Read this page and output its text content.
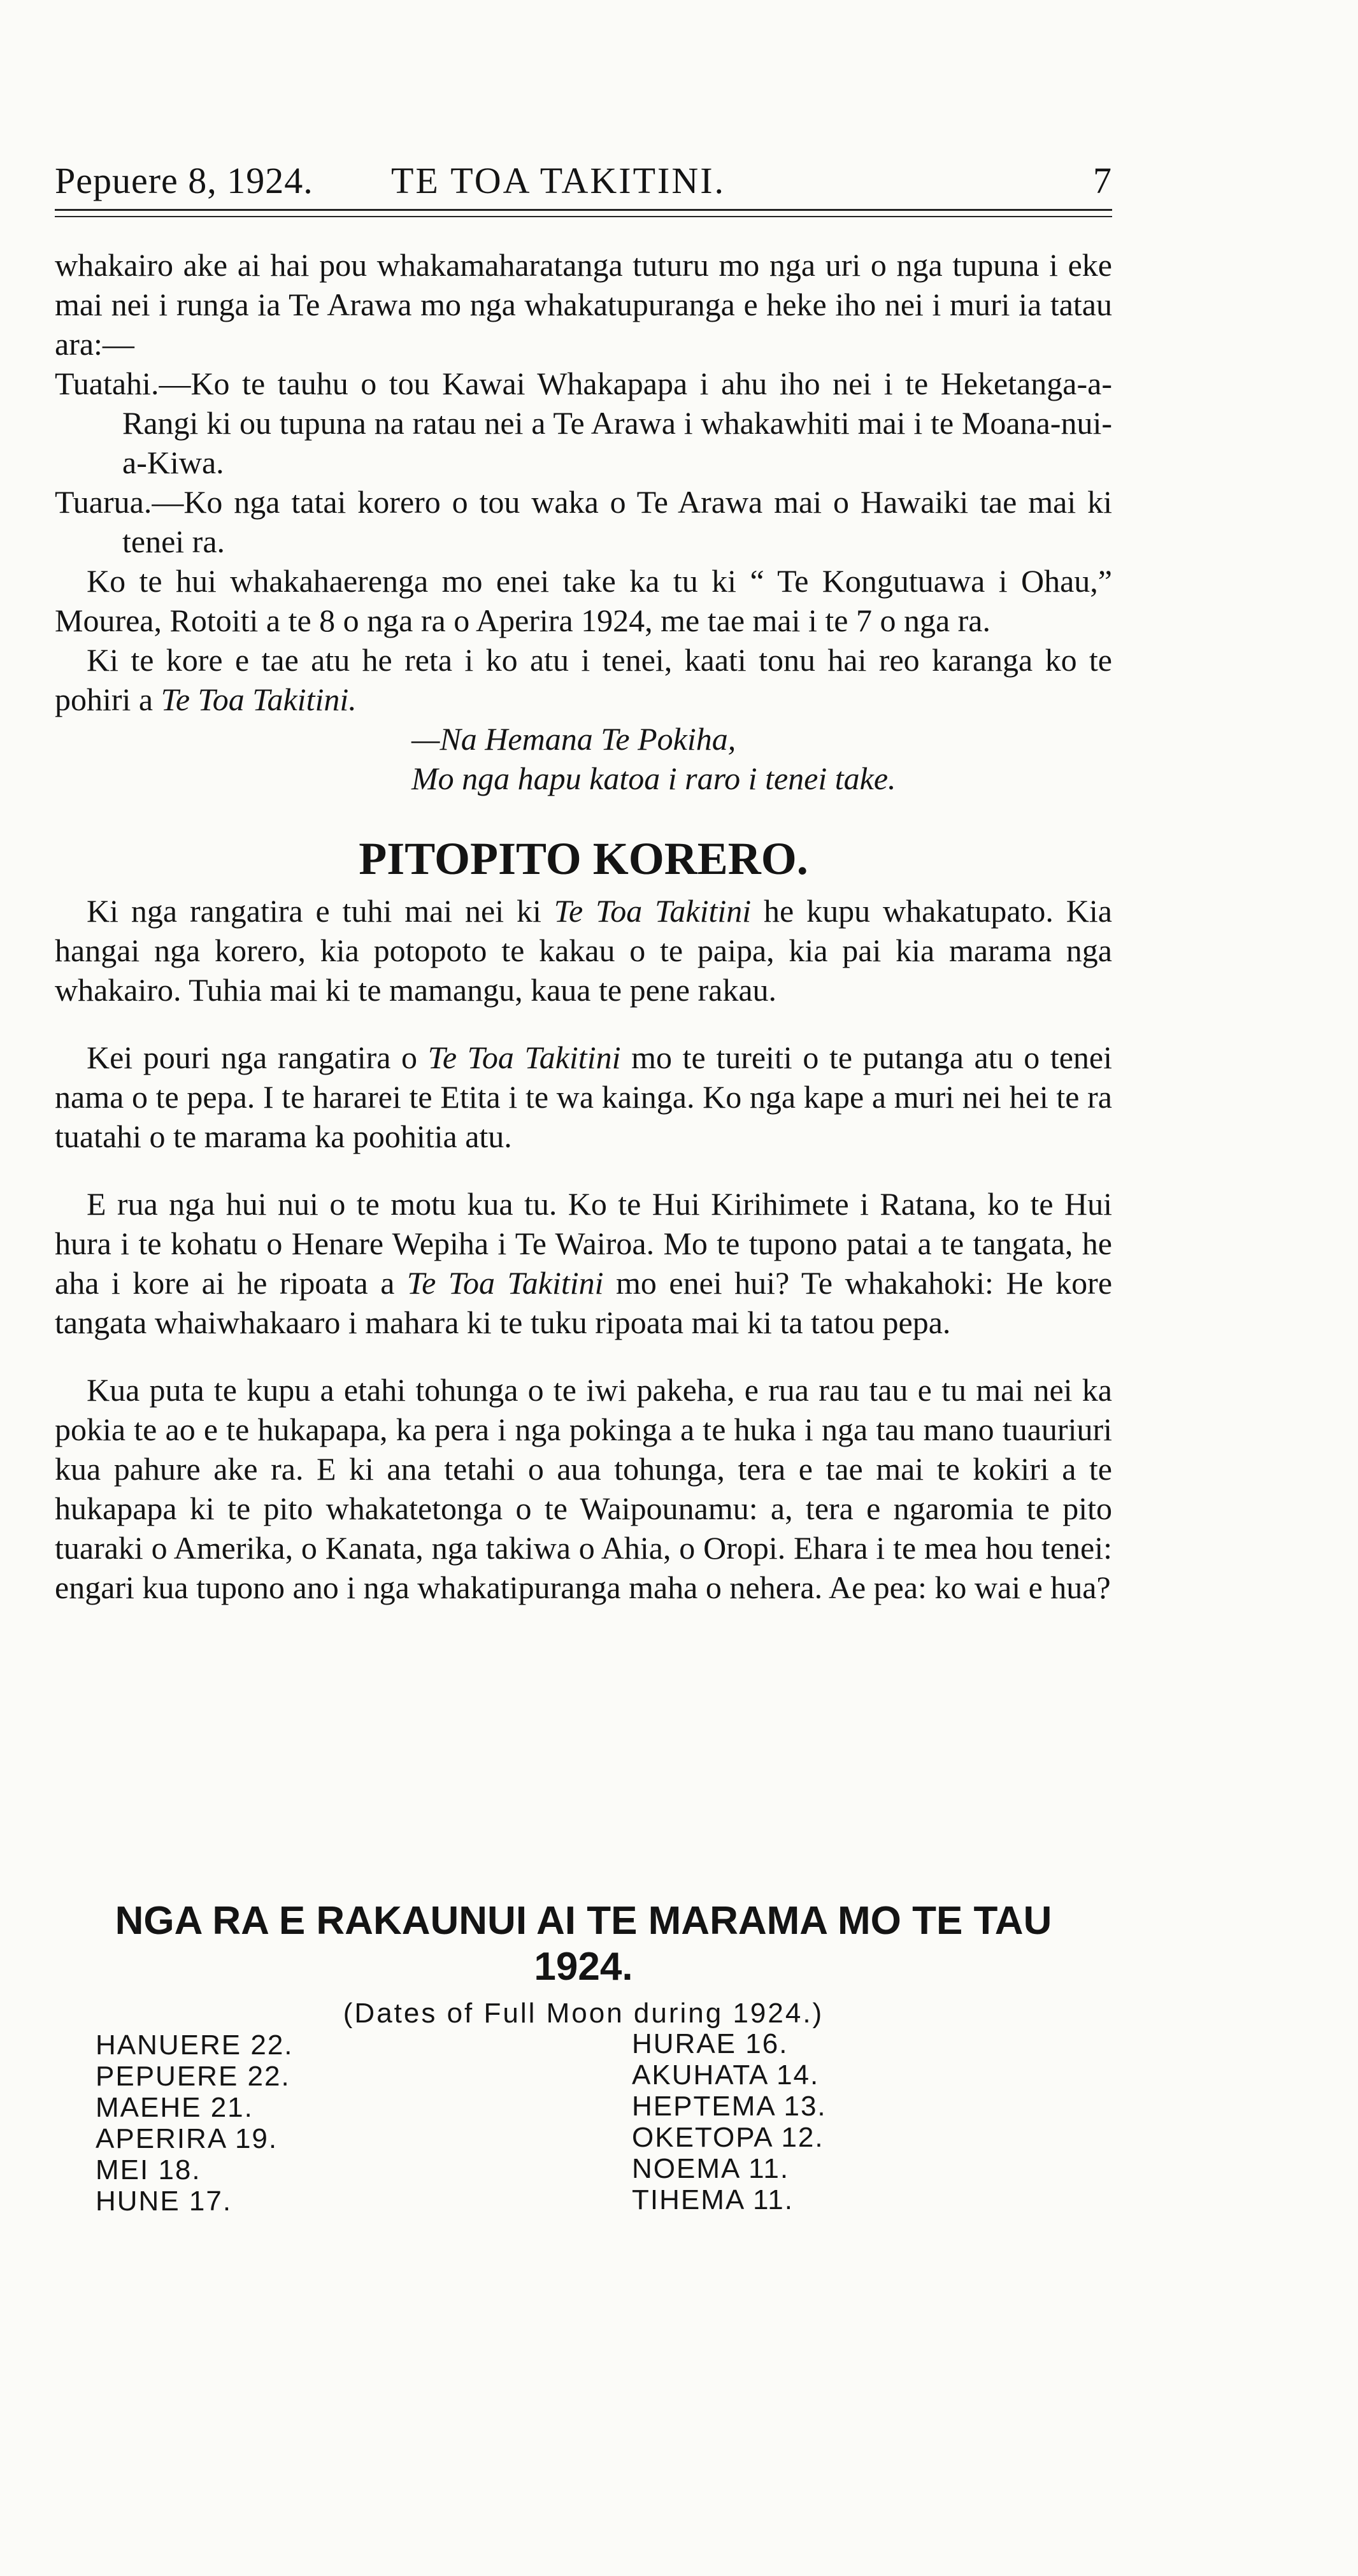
Pepuere 8, 1924. TE TOA TAKITINI.	7

whakairo ake ai hai pou whakamaharatanga tuturu mo nga uri o nga tupuna i eke mai nei i runga ia Te Arawa mo nga whakatupuranga e heke iho nei i muri ia tatau ara:—

Tuatahi.—Ko te tauhu o tou Kawai Whakapapa i ahu iho nei i te Heketanga-a-Rangi ki ou tupuna na ratau nei a Te Arawa i whakawhiti mai i te Moana-nui-a-Kiwa.

Tuarua.—Ko nga tatai korero o tou waka o Te Arawa mai o Hawaiki tae mai ki tenei ra.

Ko te hui whakahaerenga mo enei take ka tu ki “ Te Kongutuawa i Ohau,” Mourea, Rotoiti a te 8 o nga ra o Aperira 1924, me tae mai i te 7 o nga ra.

Ki te kore e tae atu he reta i ko atu i tenei, kaati tonu hai reo karanga ko te pohiri a Te Toa Takitini.

—Na Hemana Te Pokiha,

Mo nga hapu katoa i raro i tenei take.

PITOPITO KORERO.

Ki nga rangatira e tuhi mai nei ki Te Toa Takitini he kupu whakatupato. Kia hangai nga korero, kia potopoto te kakau o te paipa, kia pai kia marama nga whakairo. Tuhia mai ki te mamangu, kaua te pene rakau.

Kei pouri nga rangatira o Te Toa Takitini mo te tureiti o te putanga atu o tenei nama o te pepa. I te hararei te Etita i te wa kainga. Ko nga kape a muri nei hei te ra tuatahi o te marama ka poohitia atu.

E rua nga hui nui o te motu kua tu. Ko te Hui Kirihimete i Ratana, ko te Hui hura i te kohatu o Henare Wepiha i Te Wairoa. Mo te tupono patai a te tangata, he aha i kore ai he ripoata a Te Toa Takitini mo enei hui? Te whakahoki: He kore tangata whaiwhakaaro i mahara ki te tuku ripoata mai ki ta tatou pepa.

Kua puta te kupu a etahi tohunga o te iwi pakeha, e rua rau tau e tu mai nei ka pokia te ao e te hukapapa, ka pera i nga pokinga a te huka i nga tau mano tuauriuri kua pahure ake ra. E ki ana tetahi o aua tohunga, tera e tae mai te kokiri a te hukapapa ki te pito whakatetonga o te Waipounamu: a, tera e ngaromia te pito tuaraki o Amerika, o Kanata, nga takiwa o Ahia, o Oropi. Ehara i te mea hou tenei: engari kua tupono ano i nga whakatipuranga maha o nehera. Ae pea: ko wai e hua?

NGA RA E RAKAUNUI AI TE MARAMA MO TE TAU
1924.

(Dates of Full Moon during 1924.)

HANUERE 22.
PEPUERE 22.
MAEHE 21.
APERIRA 19.
MEI 18.
HUNE 17.
HURAE 16.
AKUHATA 14.
HEPTEMA 13.
OKETOPA 12.
NOEMA 11.
TIHEMA 11.
